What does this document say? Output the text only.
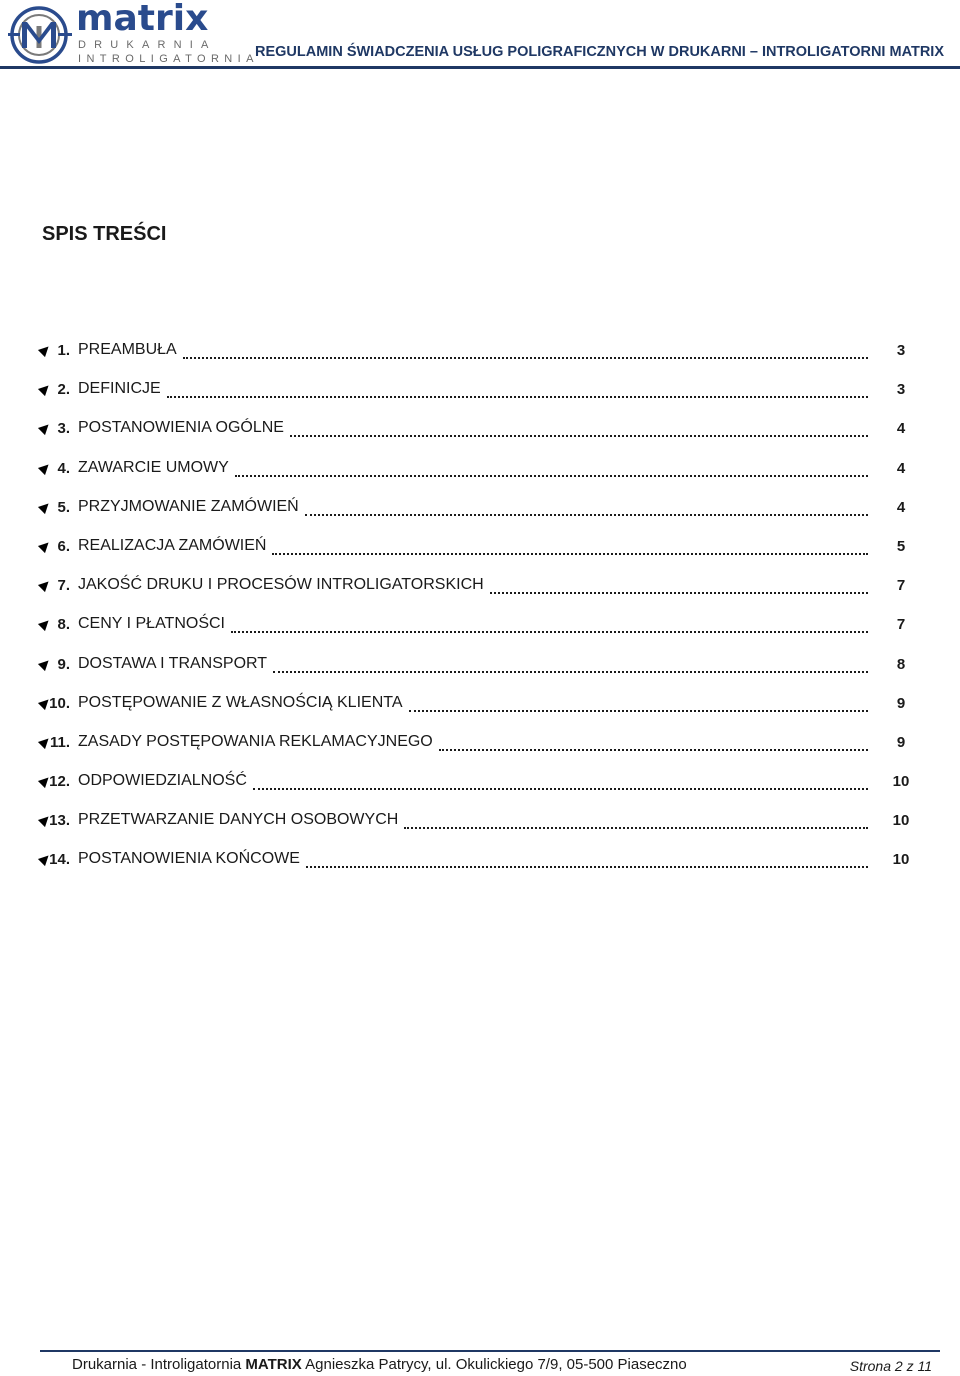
matrix
DRUKARNIA
INTROLIGATORNIA
REGULAMIN ŚWIADCZENIA USŁUG POLIGRAFICZNYCH W DRUKARNI – INTROLIGATORNI MATRIX
SPIS TREŚCI
1. PREAMBUŁA	3
2. DEFINICJE	3
3. POSTANOWIENIA OGÓLNE	4
4. ZAWARCIE UMOWY	4
5. PRZYJMOWANIE ZAMÓWIEŃ	4
6. REALIZACJA ZAMÓWIEŃ	5
7. JAKOŚĆ DRUKU I PROCESÓW INTROLIGATORSKICH	7
8. CENY I PŁATNOŚCI	7
9. DOSTAWA I TRANSPORT	8
10. POSTĘPOWANIE Z WŁASNOŚCIĄ KLIENTA	9
11. ZASADY POSTĘPOWANIA REKLAMACYJNEGO	9
12. ODPOWIEDZIALNOŚĆ	10
13. PRZETWARZANIE DANYCH OSOBOWYCH	10
14. POSTANOWIENIA KOŃCOWE	10
Drukarnia - Introligatornia MATRIX Agnieszka Patrycy, ul. Okulickiego 7/9, 05-500 Piaseczno	Strona 2 z 11
